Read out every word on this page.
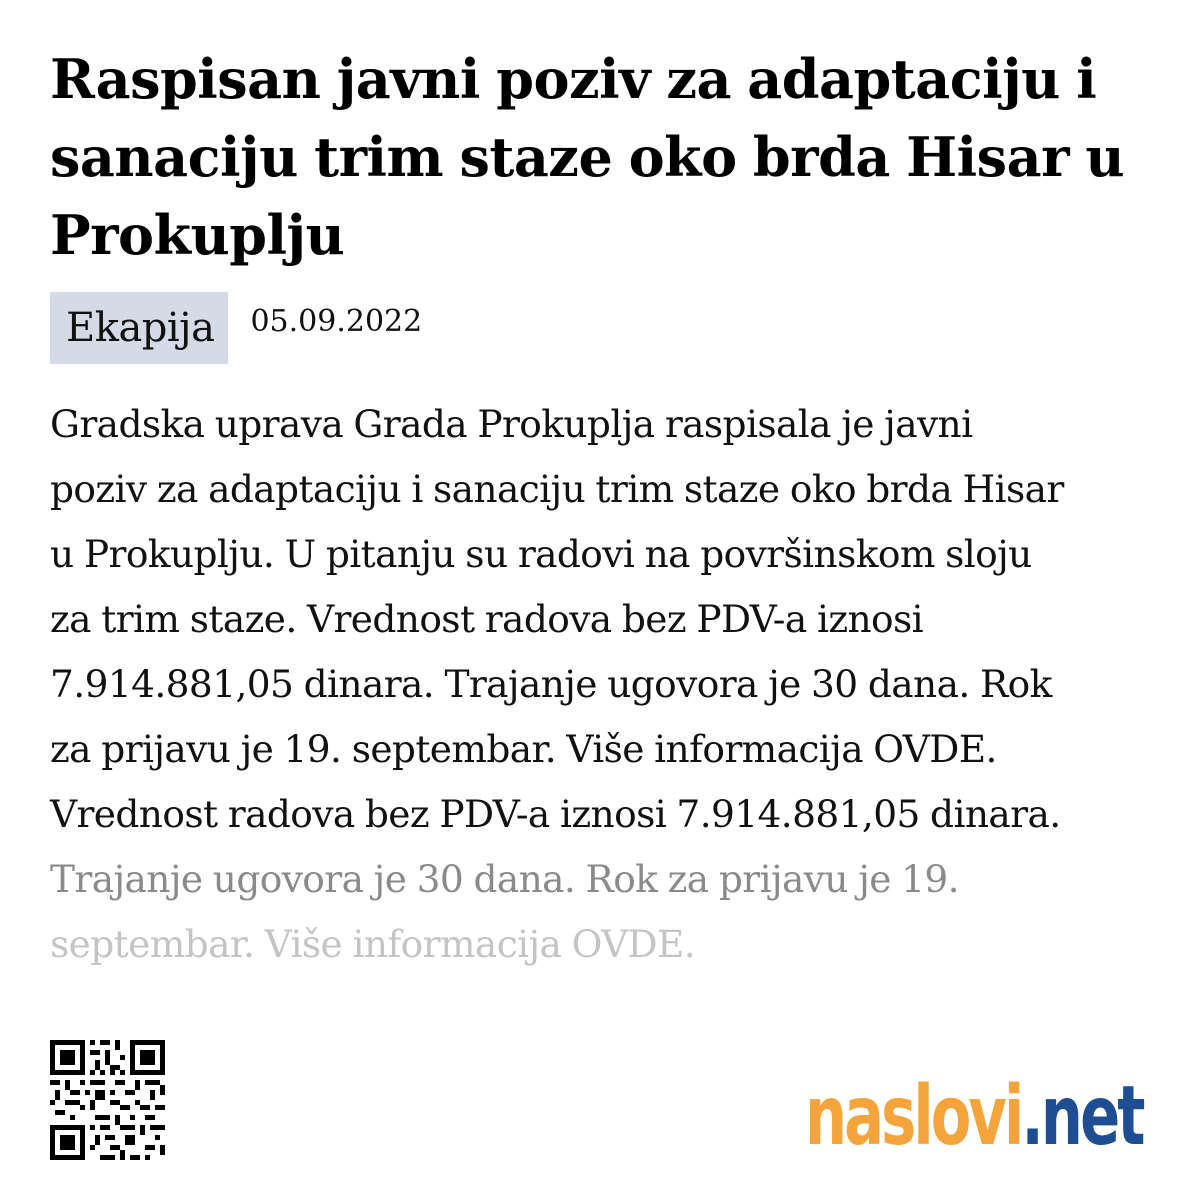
Raspisan javni poziv za adaptaciju i sanaciju trim staze oko brda Hisar u Prokuplju
Ekapija	05.09.2022
Gradska uprava Grada Prokuplja raspisala je javni
poziv za adaptaciju i sanaciju trim staze oko brda Hisar
u Prokuplju. U pitanju su radovi na površinskom sloju
za trim staze. Vrednost radova bez PDV-a iznosi
7.914.881,05 dinara. Trajanje ugovora je 30 dana. Rok
za prijavu je 19. septembar. Više informacija OVDE.
Vrednost radova bez PDV-a iznosi 7.914.881,05 dinara.
Trajanje ugovora je 30 dana. Rok za prijavu je 19.
septembar. Više informacija OVDE.
naslovi.net
